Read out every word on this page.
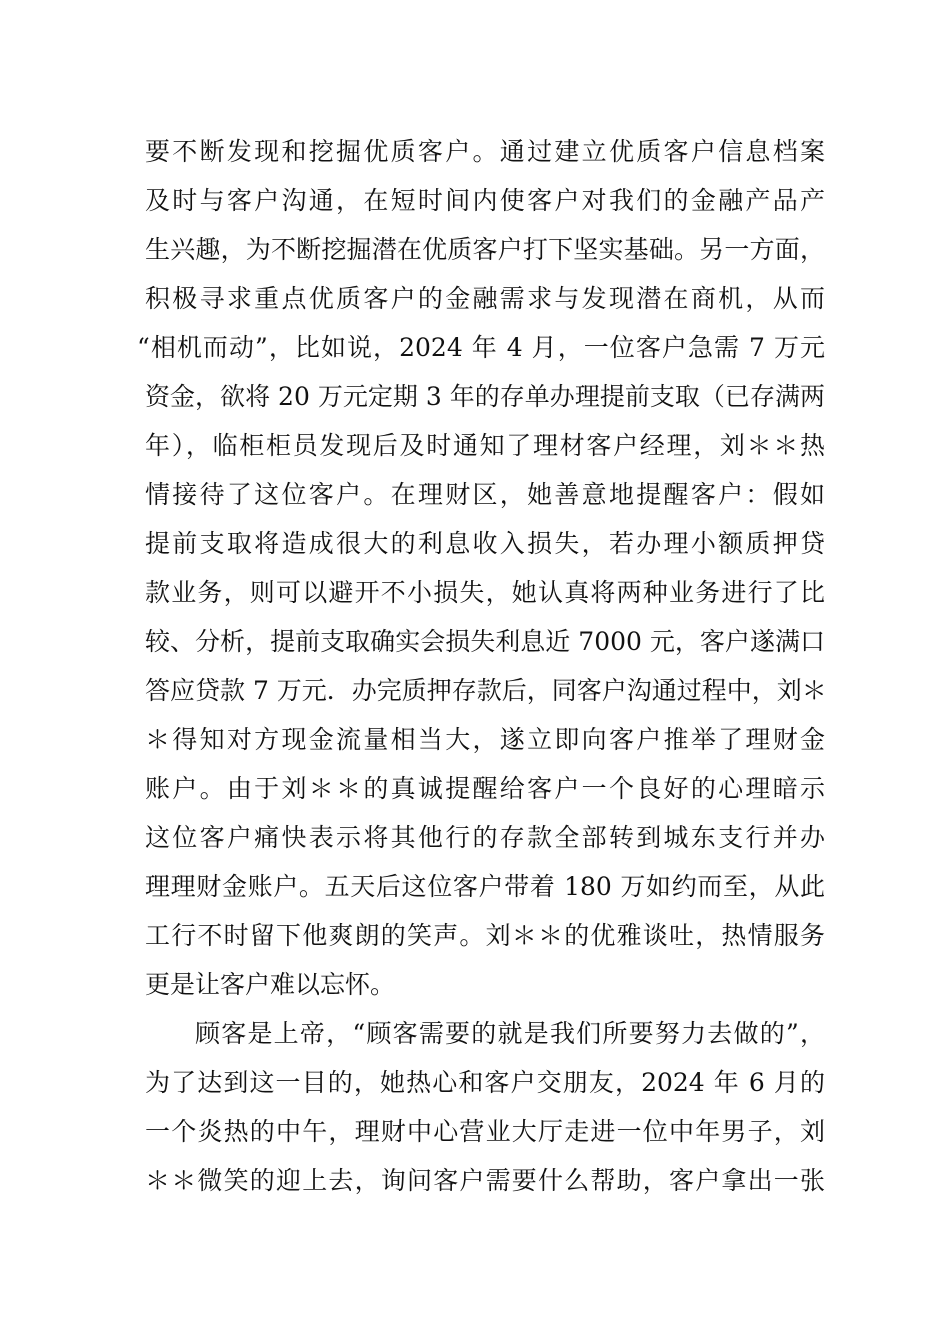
要不断发现和挖掘优质客户。通过建立优质客户信息档案
及时与客户沟通，在短时间内使客户对我们的金融产品产
生兴趣，为不断挖掘潜在优质客户打下坚实基础。另一方面，
积极寻求重点优质客户的金融需求与发现潜在商机，从而
“相机而动”，比如说，2024 年 4 月，一位客户急需 7 万元
资金，欲将 20 万元定期 3 年的存单办理提前支取（已存满两
年），临柜柜员发现后及时通知了理材客户经理，刘＊＊热
情接待了这位客户。在理财区，她善意地提醒客户：假如
提前支取将造成很大的利息收入损失，若办理小额质押贷
款业务，则可以避开不小损失，她认真将两种业务进行了比
较、分析，提前支取确实会损失利息近 7000 元，客户遂满口
答应贷款 7 万元．办完质押存款后，同客户沟通过程中，刘＊
＊得知对方现金流量相当大，遂立即向客户推举了理财金
账户。由于刘＊＊的真诚提醒给客户一个良好的心理暗示
这位客户痛快表示将其他行的存款全部转到城东支行并办
理理财金账户。五天后这位客户带着 180 万如约而至，从此
工行不时留下他爽朗的笑声。刘＊＊的优雅谈吐，热情服务
更是让客户难以忘怀。
顾客是上帝，“顾客需要的就是我们所要努力去做的”，
为了达到这一目的，她热心和客户交朋友，2024 年 6 月的
一个炎热的中午，理财中心营业大厅走进一位中年男子，刘
＊＊微笑的迎上去，询问客户需要什么帮助，客户拿出一张
